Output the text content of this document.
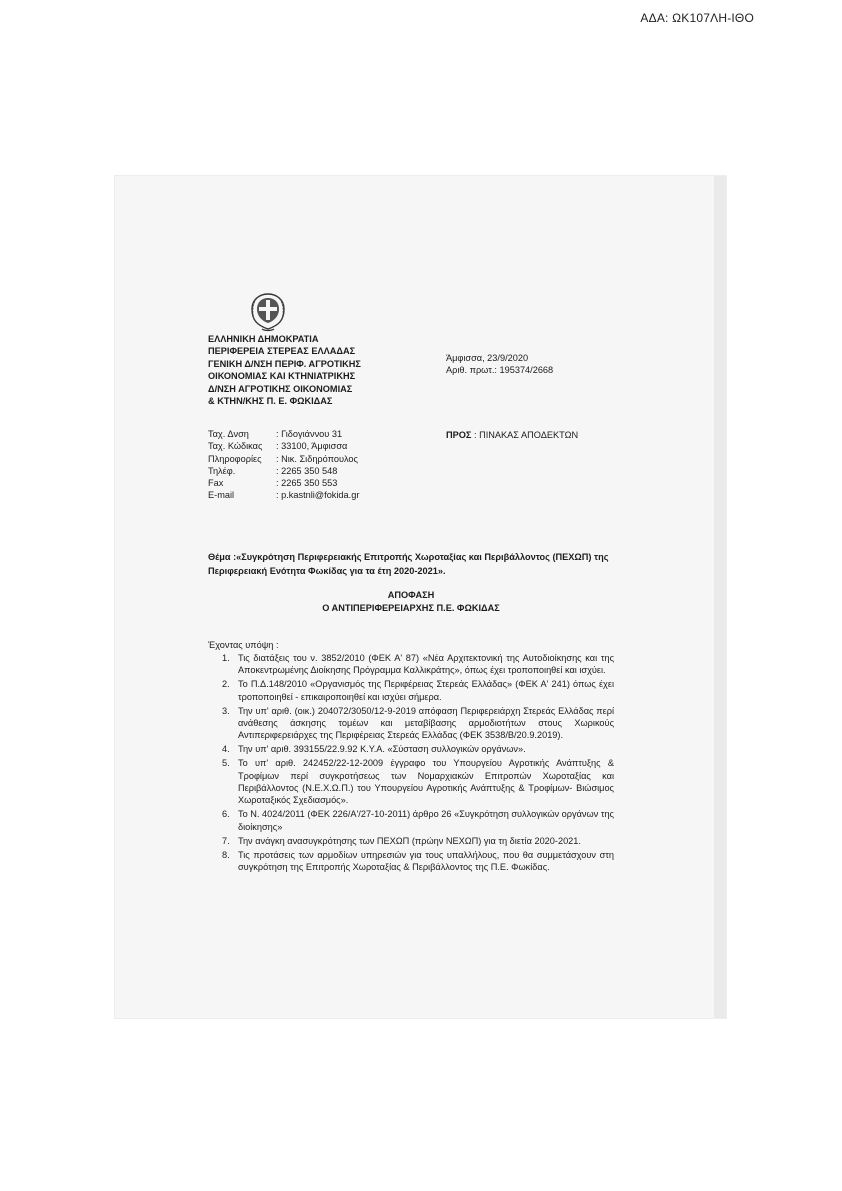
ΑΔΑ: ΩΚ107ΛΗ-ΙΘΟ
ΕΛΛΗΝΙΚΗ ΔΗΜΟΚΡΑΤΙΑ
ΠΕΡΙΦΕΡΕΙΑ ΣΤΕΡΕΑΣ ΕΛΛΑΔΑΣ
ΓΕΝΙΚΗ Δ/ΝΣΗ ΠΕΡΙΦ. ΑΓΡΟΤΙΚΗΣ
ΟΙΚΟΝΟΜΙΑΣ ΚΑΙ ΚΤΗΝΙΑΤΡΙΚΗΣ
Δ/ΝΣΗ ΑΓΡΟΤΙΚΗΣ ΟΙΚΟΝΟΜΙΑΣ
& ΚΤΗΝ/ΚΗΣ Π. Ε. ΦΩΚΙΔΑΣ
Άμφισσα, 23/9/2020
Αριθ. πρωτ.: 195374/2668
Ταχ. Δνση	: Γιδογιάννου 31
Ταχ. Κώδικας	: 33100, Άμφισσα
Πληροφορίες	: Νικ. Σιδηρόπουλος
Τηλέφ.	: 2265 350 548
Fax	: 2265 350 553
E-mail	: p.kastnli@fokida.gr
ΠΡΟΣ : ΠΙΝΑΚΑΣ ΑΠΟΔΕΚΤΩΝ
Θέμα :«Συγκρότηση Περιφερειακής Επιτροπής Χωροταξίας και Περιβάλλοντος (ΠΕΧΩΠ) της Περιφερειακή Ενότητα Φωκίδας για τα έτη 2020-2021».
ΑΠΟΦΑΣΗ
Ο ΑΝΤΙΠΕΡΙΦΕΡΕΙΑΡΧΗΣ Π.Ε. ΦΩΚΙΔΑΣ
Έχοντας υπόψη :
1. Τις διατάξεις του ν. 3852/2010 (ΦΕΚ Α' 87) «Νέα Αρχιτεκτονική της Αυτοδιοίκησης και της Αποκεντρωμένης Διοίκησης Πρόγραμμα Καλλικράτης», όπως έχει τροποποιηθεί και ισχύει.
2. Το Π.Δ.148/2010 «Οργανισμός της Περιφέρειας Στερεάς Ελλάδας» (ΦΕΚ Α' 241) όπως έχει τροποποιηθεί - επικαιροποιηθεί και ισχύει σήμερα.
3. Την υπ' αριθ. (οικ.) 204072/3050/12-9-2019 απόφαση Περιφερειάρχη Στερεάς Ελλάδας περί ανάθεσης άσκησης τομέων και μεταβίβασης αρμοδιοτήτων στους Χωρικούς Αντιπεριφερειάρχες της Περιφέρειας Στερεάς Ελλάδας (ΦΕΚ 3538/Β/20.9.2019).
4. Την υπ' αριθ. 393155/22.9.92 Κ.Υ.Α. «Σύσταση συλλογικών οργάνων».
5. Το υπ' αριθ. 242452/22-12-2009 έγγραφο του Υπουργείου Αγροτικής Ανάπτυξης & Τροφίμων περί συγκροτήσεως των Νομαρχιακών Επιτροπών Χωροταξίας και Περιβάλλοντος (Ν.Ε.Χ.Ω.Π.) του Υπουργείου Αγροτικής Ανάπτυξης & Τροφίμων- Βιώσιμος Χωροταξικός Σχεδιασμός».
6. Το Ν. 4024/2011 (ΦΕΚ 226/Α'/27-10-2011) άρθρο 26 «Συγκρότηση συλλογικών οργάνων της διοίκησης»
7. Την ανάγκη ανασυγκρότησης των ΠΕΧΩΠ (πρώην ΝΕΧΩΠ) για τη διετία 2020-2021.
8. Τις προτάσεις των αρμοδίων υπηρεσιών για τους υπαλλήλους, που θα συμμετάσχουν στη συγκρότηση της Επιτροπής Χωροταξίας & Περιβάλλοντος της Π.Ε. Φωκίδας.
